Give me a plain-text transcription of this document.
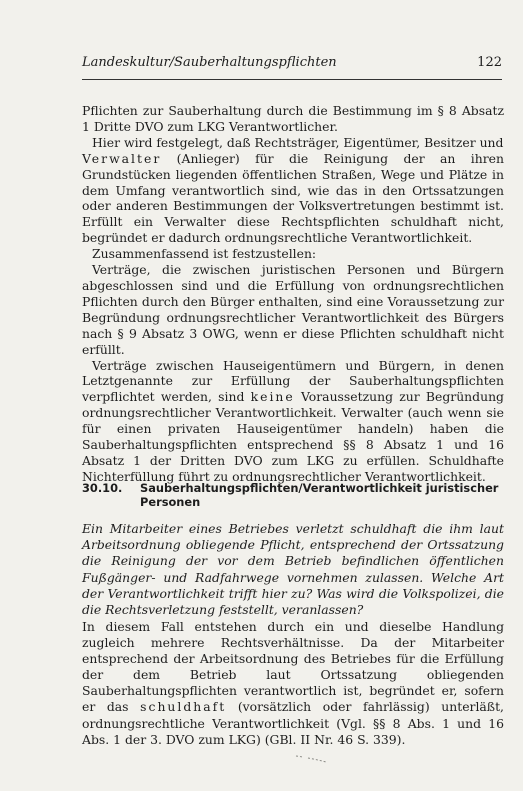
Landeskultur/Sauberhaltungspflichten	122

Pflichten zur Sauberhaltung durch die Bestimmung im § 8 Absatz 1 Dritte DVO zum LKG Verantwortlicher.

Hier wird festgelegt, daß Rechtsträger, Eigentümer, Besitzer und
Verwalter (Anlieger) für die Reinigung der an ihren Grundstücken liegenden öffentlichen Straßen, Wege und Plätze in dem Umfang verantwortlich sind, wie das in den Ortssatzungen oder anderen Bestimmungen der Volksvertretungen bestimmt ist. Erfüllt ein Verwalter diese Rechtspflichten schuldhaft nicht, begründet er dadurch ordnungsrechtliche Verantwortlichkeit.

Zusammenfassend ist festzustellen:

Verträge, die zwischen juristischen Personen und Bürgern abgeschlossen sind und die Erfüllung von ordnungsrechtlichen Pflichten durch den Bürger enthalten, sind eine Voraussetzung zur Begründung ordnungsrechtlicher Verantwortlichkeit des Bürgers nach § 9 Absatz 3 OWG, wenn er diese Pflichten schuldhaft nicht erfüllt.

Verträge zwischen Hauseigentümern und Bürgern, in denen Letztgenannte zur Erfüllung der Sauberhaltungspflichten verpflichtet werden, sind keine Voraussetzung zur Begründung ordnungsrechtlicher Verantwortlichkeit. Verwalter (auch wenn sie für einen privaten Hauseigentümer handeln) haben die Sauberhaltungspflichten entsprechend §§ 8 Absatz 1 und 16 Absatz 1 der Dritten DVO zum LKG zu erfüllen. Schuldhafte Nichterfüllung führt zu ordnungsrechtlicher Verantwortlichkeit.

30.10. Sauberhaltungspflichten/Verantwortlichkeit juristischer Personen

Ein Mitarbeiter eines Betriebes verletzt schuldhaft die ihm laut Arbeitsordnung obliegende Pflicht, entsprechend der Ortssatzung die Reinigung der vor dem Betrieb befindlichen öffentlichen Fußgänger- und Radfahrwege vornehmen zulassen. Welche Art der Verantwortlichkeit trifft hier zu? Was wird die Volkspolizei, die die Rechtsverletzung feststellt, veranlassen?

In diesem Fall entstehen durch ein und dieselbe Handlung zugleich mehrere Rechtsverhältnisse. Da der Mitarbeiter entsprechend der Arbeitsordnung des Betriebes für die Erfüllung der dem Betrieb laut Ortssatzung obliegenden Sauberhaltungspflichten verantwortlich ist, begründet er, sofern er das schuldhaft (vorsätzlich oder fahrlässig) unterläßt, ordnungsrechtliche Verantwortlichkeit (Vgl. §§ 8 Abs. 1 und 16 Abs. 1 der 3. DVO zum LKG) (GBl. II Nr. 46 S. 339).
